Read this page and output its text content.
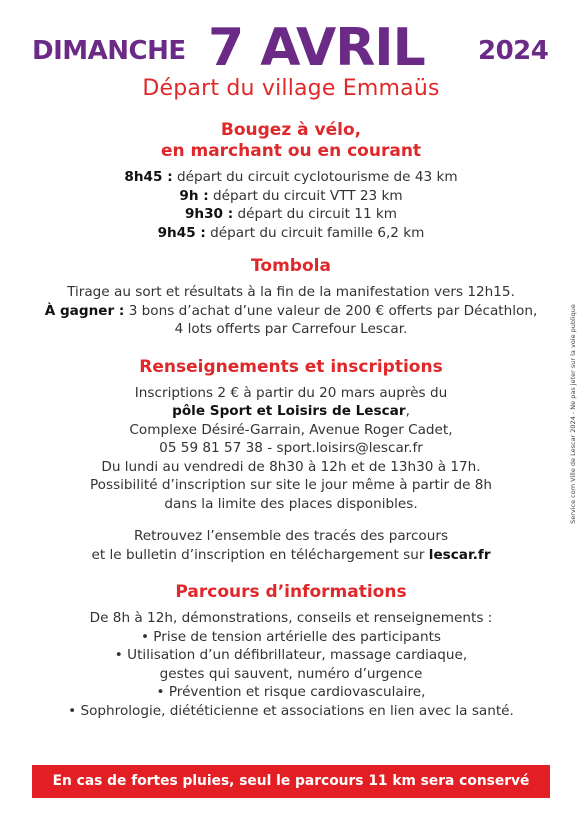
DIMANCHE 7 AVRIL 2024
Départ du village Emmaüs

Bougez à vélo,

en marchant ou en courant

8h45 : départ du circuit cyclotourisme de 43 km

9h : départ du circuit VTT 23 km

9h30 : départ du circuit 11 km

9h45 : départ du circuit famille 6,2 km

Tombola

Tirage au sort et résultats à la fin de la manifestation vers 12h15.

À gagner : 3 bons d’achat d’une valeur de 200 € offerts par Décathlon,

4 lots offerts par Carrefour Lescar.

Renseignements et inscriptions

Inscriptions 2 € à partir du 20 mars auprès du

pôle Sport et Loisirs de Lescar,

Complexe Désiré-Garrain, Avenue Roger Cadet,

05 59 81 57 38 - sport.loisirs@lescar.fr

Du lundi au vendredi de 8h30 à 12h et de 13h30 à 17h.

Possibilité d’inscription sur site le jour même à partir de 8h

dans la limite des places disponibles.

Retrouvez l’ensemble des tracés des parcours

et le bulletin d’inscription en téléchargement sur lescar.fr

Parcours d’informations

De 8h à 12h, démonstrations, conseils et renseignements :

• Prise de tension artérielle des participants

• Utilisation d’un défibrillateur, massage cardiaque,

gestes qui sauvent, numéro d’urgence

• Prévention et risque cardiovasculaire,

• Sophrologie, diététicienne et associations en lien avec la santé.

Service com Ville de Lescar 2024 - Ne pas jeter sur la voie publique
En cas de fortes pluies, seul le parcours 11 km sera conservé
